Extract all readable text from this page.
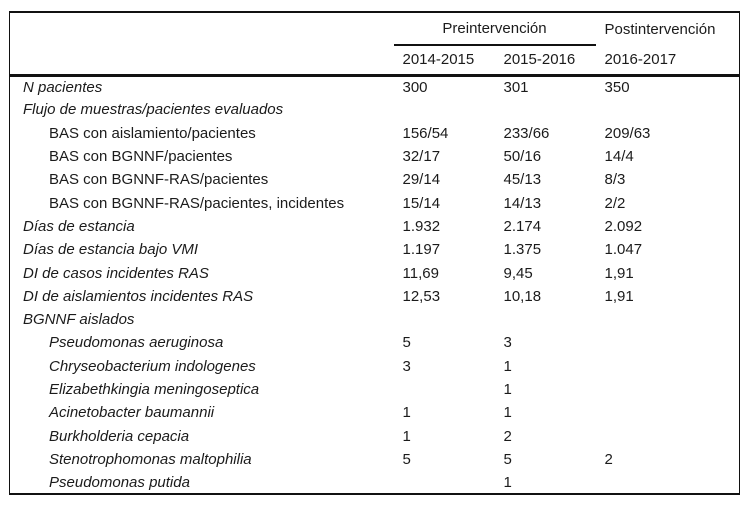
	Preintervención		Postintervención
	2014-2015	2015-2016	2016-2017
N pacientes	300	301	350
Flujo de muestras/pacientes evaluados			
BAS con aislamiento/pacientes	156/54	233/66	209/63
BAS con BGNNF/pacientes	32/17	50/16	14/4
BAS con BGNNF-RAS/pacientes	29/14	45/13	8/3
BAS con BGNNF-RAS/pacientes, incidentes	15/14	14/13	2/2
Días de estancia	1.932	2.174	2.092
Días de estancia bajo VMI	1.197	1.375	1.047
DI de casos incidentes RAS	11,69	9,45	1,91
DI de aislamientos incidentes RAS	12,53	10,18	1,91
BGNNF aislados			
Pseudomonas aeruginosa	5	3	
Chryseobacterium indologenes	3	1	
Elizabethkingia meningoseptica		1	
Acinetobacter baumannii	1	1	
Burkholderia cepacia	1	2	
Stenotrophomonas maltophilia	5	5	2
Pseudomonas putida		1	
